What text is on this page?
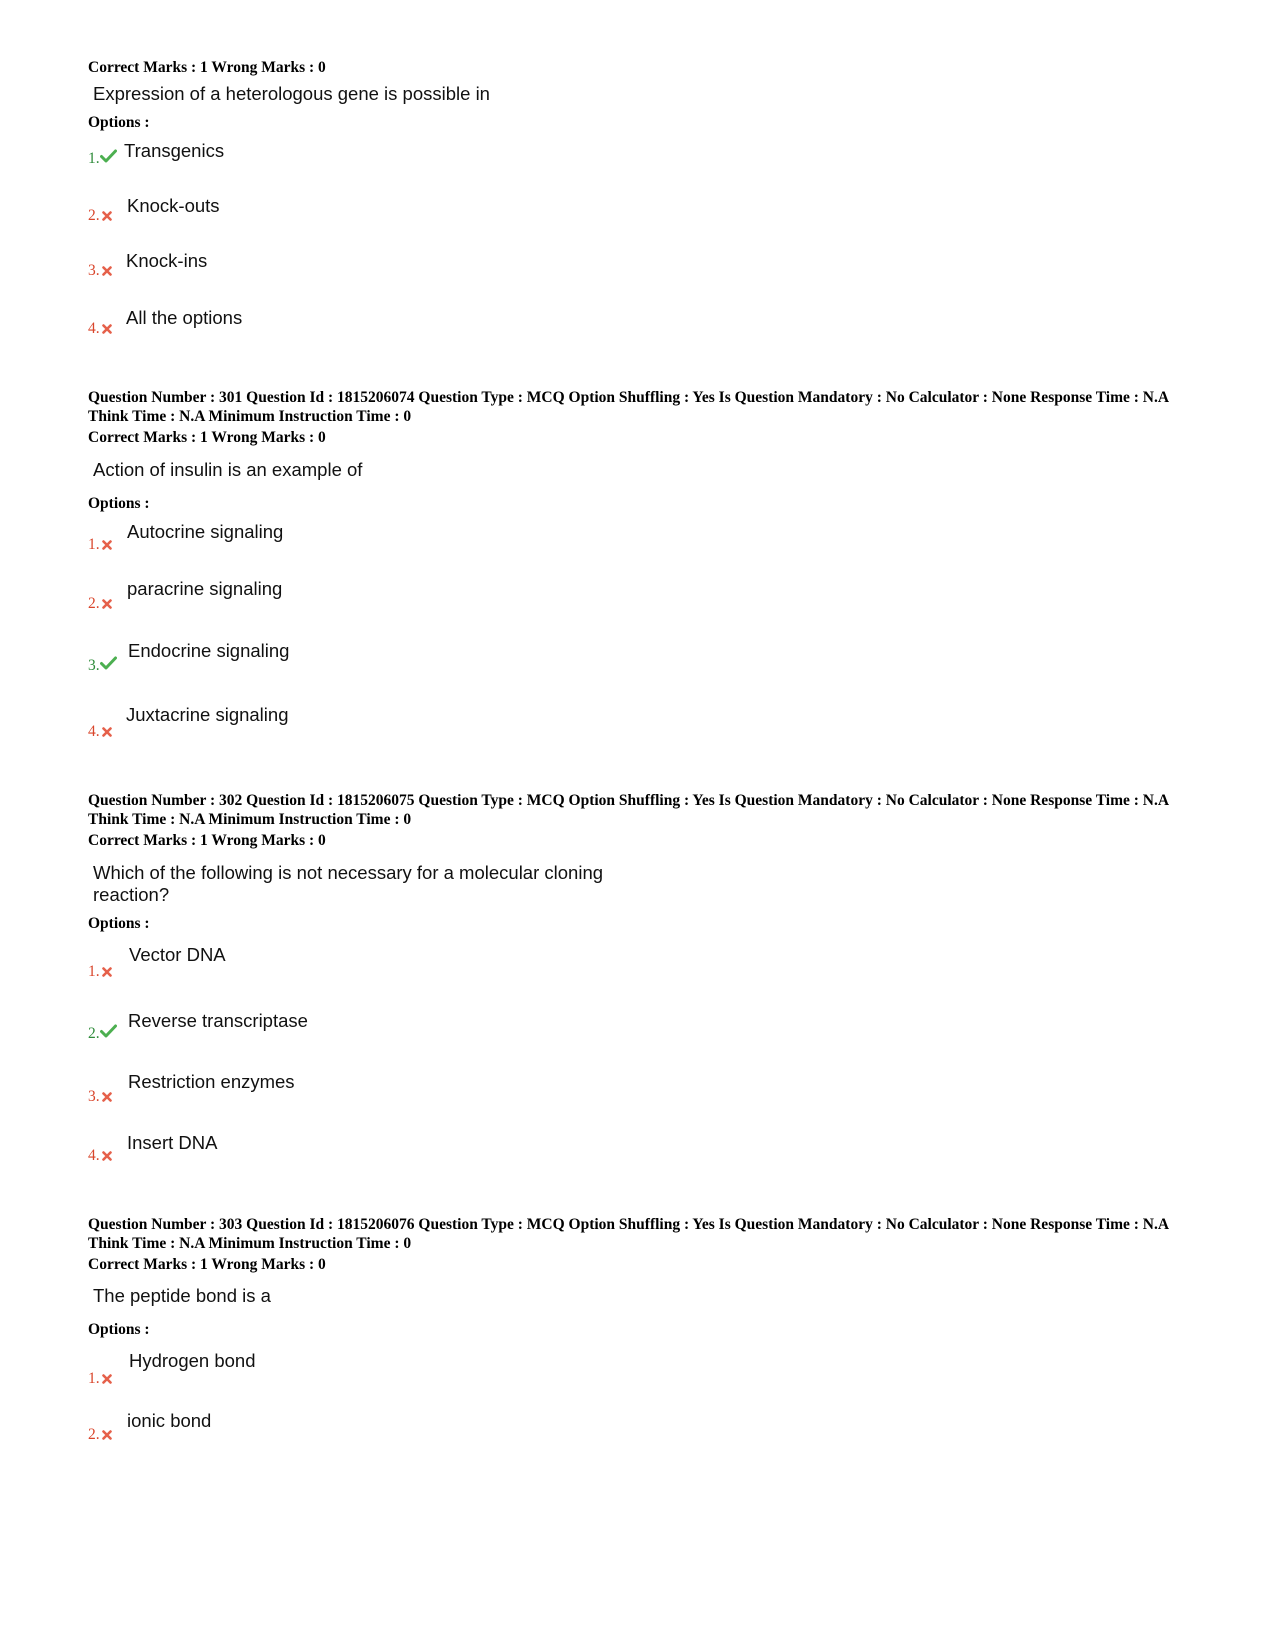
Correct Marks : 1 Wrong Marks : 0
Expression of a heterologous gene is possible in
Options :
1. Transgenics
2. Knock-outs
3. Knock-ins
4.
All the options
Question Number : 301 Question Id : 1815206074 Question Type : MCQ Option Shuffling : Yes Is Question Mandatory : No Calculator : None Response Time : N.A Think Time : N.A Minimum Instruction Time : 0
Correct Marks : 1 Wrong Marks : 0
Action of insulin is an example of
Options :
1.
Autocrine signaling
2.
paracrine signaling
3.
Endocrine signaling
4.
Juxtacrine signaling
Question Number : 302 Question Id : 1815206075 Question Type : MCQ Option Shuffling : Yes Is Question Mandatory : No Calculator : None Response Time : N.A Think Time : N.A Minimum Instruction Time : 0
Correct Marks : 1 Wrong Marks : 0
Which of the following is not necessary for a molecular cloning
reaction?
Options :
1.
Vector DNA
2.
Reverse transcriptase
3.
Restriction enzymes
4.
Insert DNA
Question Number : 303 Question Id : 1815206076 Question Type : MCQ Option Shuffling : Yes Is Question Mandatory : No Calculator : None Response Time : N.A Think Time : N.A Minimum Instruction Time : 0
Correct Marks : 1 Wrong Marks : 0
The peptide bond is a
Options :
1.
Hydrogen bond
2.
ionic bond
